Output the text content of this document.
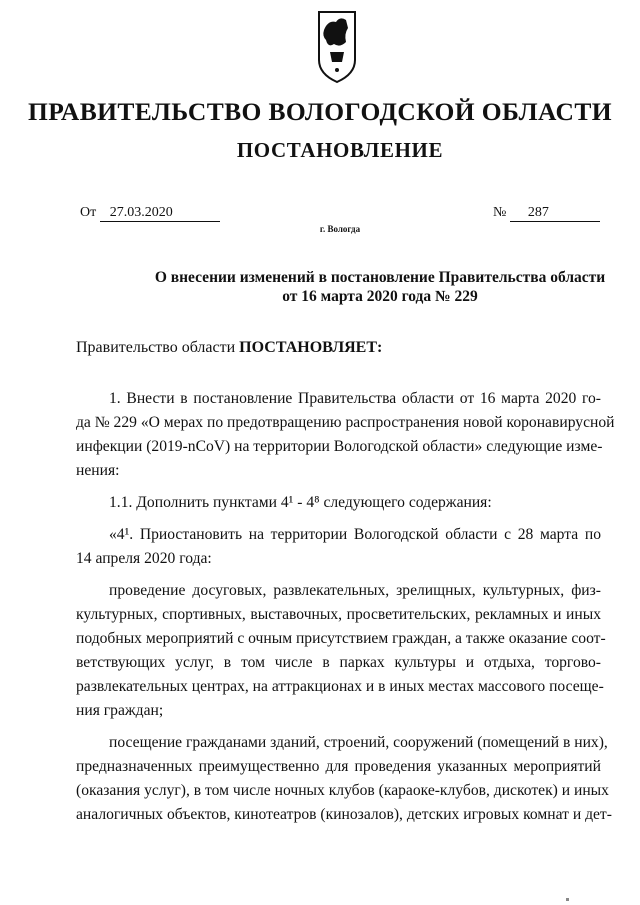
ПРАВИТЕЛЬСТВО ВОЛОГОДСКОЙ ОБЛАСТИ
ПОСТАНОВЛЕНИЕ
От 27.03.2020	№ 287
г. Вологда
О внесении изменений в постановление Правительства области
от 16 марта 2020 года № 229
Правительство области ПОСТАНОВЛЯЕТ:
1. Внести в постановление Правительства области от 16 марта 2020 го-
да № 229 «О мерах по предотвращению распространения новой коронавирусной
инфекции (2019-nCoV) на территории Вологодской области» следующие изме-
нения:
1.1. Дополнить пунктами 4¹ - 4⁸ следующего содержания:
«4¹. Приостановить на территории Вологодской области с 28 марта по
14 апреля 2020 года:
проведение досуговых, развлекательных, зрелищных, культурных, физ-
культурных, спортивных, выставочных, просветительских, рекламных и иных
подобных мероприятий с очным присутствием граждан, а также оказание соот-
ветствующих услуг, в том числе в парках культуры и отдыха, торгово-
развлекательных центрах, на аттракционах и в иных местах массового посеще-
ния граждан;
посещение гражданами зданий, строений, сооружений (помещений в них),
предназначенных преимущественно для проведения указанных мероприятий
(оказания услуг), в том числе ночных клубов (караоке-клубов, дискотек) и иных
аналогичных объектов, кинотеатров (кинозалов), детских игровых комнат и дет-
